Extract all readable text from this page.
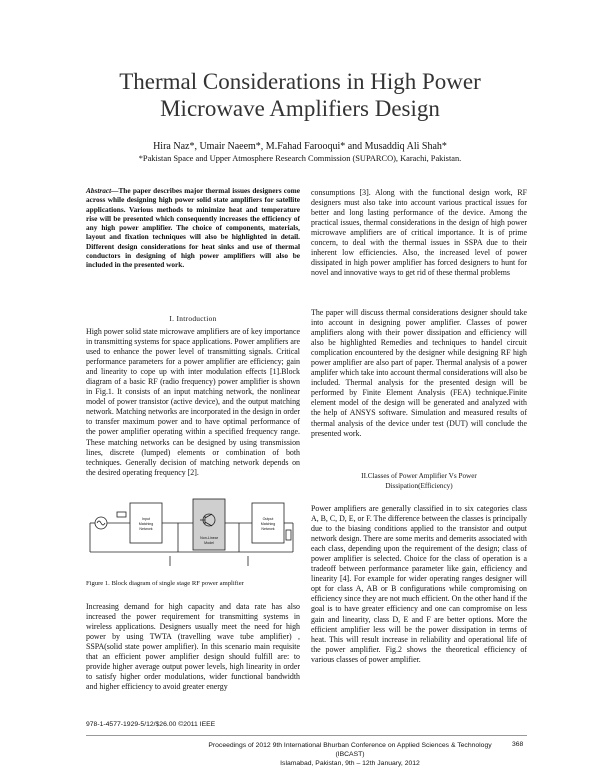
Thermal Considerations in High Power
Microwave Amplifiers Design
Hira Naz*, Umair Naeem*, M.Fahad Farooqui* and Musaddiq Ali Shah*
*Pakistan Space and Upper Atmosphere Research Commission (SUPARCO), Karachi, Pakistan.
Abstract—The paper describes major thermal issues designers come across while designing high power solid state amplifiers for satellite applications. Various methods to minimize heat and temperature rise will be presented which consequently increases the efficiency of any high power amplifier. The choice of components, materials, layout and fixation techniques will also be highlighted in detail. Different design considerations for heat sinks and use of thermal conductors in designing of high power amplifiers will also be included in the presented work.
I. Introduction

High power solid state microwave amplifiers are of key importance in transmitting systems for space applications. Power amplifiers are used to enhance the power level of transmitting signals. Critical performance parameters for a power amplifier are efficiency; gain and linearity to cope up with inter modulation effects [1].Block diagram of a basic RF (radio frequency) power amplifier is shown in Fig.1. It consists of an input matching network, the nonlinear model of power transistor (active device), and the output matching network. Matching networks are incorporated in the design in order to transfer maximum power and to have optimal performance of the power amplifier operating within a specified frequency range. These matching networks can be designed by using transmission lines, discrete (lumped) elements or combination of both techniques. Generally decision of matching network depends on the desired operating frequency [2].

Input
Matching
Network
Output
Matching
Network
Non-Linear
Model
Figure 1. Block diagram of single stage RF power amplifier

Increasing demand for high capacity and data rate has also increased the power requirement for transmitting systems in wireless applications. Designers usually meet the need for high power by using TWTA (travelling wave tube amplifier) , SSPA(solid state power amplifier). In this scenario main requisite that an efficient power amplifier design should fulfill are: to provide higher average output power levels, high linearity in order to satisfy higher order modulations, wider functional bandwidth and higher efficiency to avoid greater energy

consumptions [3]. Along with the functional design work, RF designers must also take into account various practical issues for better and long lasting performance of the device. Among the practical issues, thermal considerations in the design of high power microwave amplifiers are of critical importance. It is of prime concern, to deal with the thermal issues in SSPA due to their inherent low efficiencies. Also, the increased level of power dissipated in high power amplifier has forced designers to hunt for novel and innovative ways to get rid of these thermal problems

The paper will discuss thermal considerations designer should take into account in designing power amplifier. Classes of power amplifiers along with their power dissipation and efficiency will also be highlighted Remedies and techniques to handel circuit complication encountered by the designer while designing RF high power amplifier are also part of paper. Thermal analysis of a power amplifer which take into account thermal considerations will also be included. Thermal analysis for the presented design will be performed by Finite Element Analysis (FEA) technique.Finite element model of the design will be generated and analyzed with the help of ANSYS software. Simulation and measured results of thermal analysis of the device under test (DUT) will conclude the presented work.

II.Classes of Power Amplifier Vs Power
Dissipation(Efficiency)

Power amplifiers are generally classified in to six categories class A, B, C, D, E, or F. The difference between the classes is principally due to the biasing conditions applied to the transistor and output network design. There are some merits and demerits associated with each class, depending upon the requirement of the design; class of power amplifier is selected. Choice for the class of operation is a tradeoff between performance parameter like gain, efficiency and linearity [4]. For example for wider operating ranges designer will opt for class A, AB or B configurations while compromising on efficiency since they are not much efficient. On the other hand if the goal is to have greater efficiency and one can compromise on less gain and linearity, class D, E and F are better options. More the efficient amplifier less will be the power dissipation in terms of heat. This will result increase in reliability and operational life of the power amplifier. Fig.2 shows the theoretical efficiency of various classes of power amplifier.

978-1-4577-1929-5/12/$26.00 ©2011 IEEE
Proceedings of 2012 9th International Bhurban Conference on Applied Sciences & Technology (IBCAST)
Islamabad, Pakistan, 9th – 12th January, 2012
368
